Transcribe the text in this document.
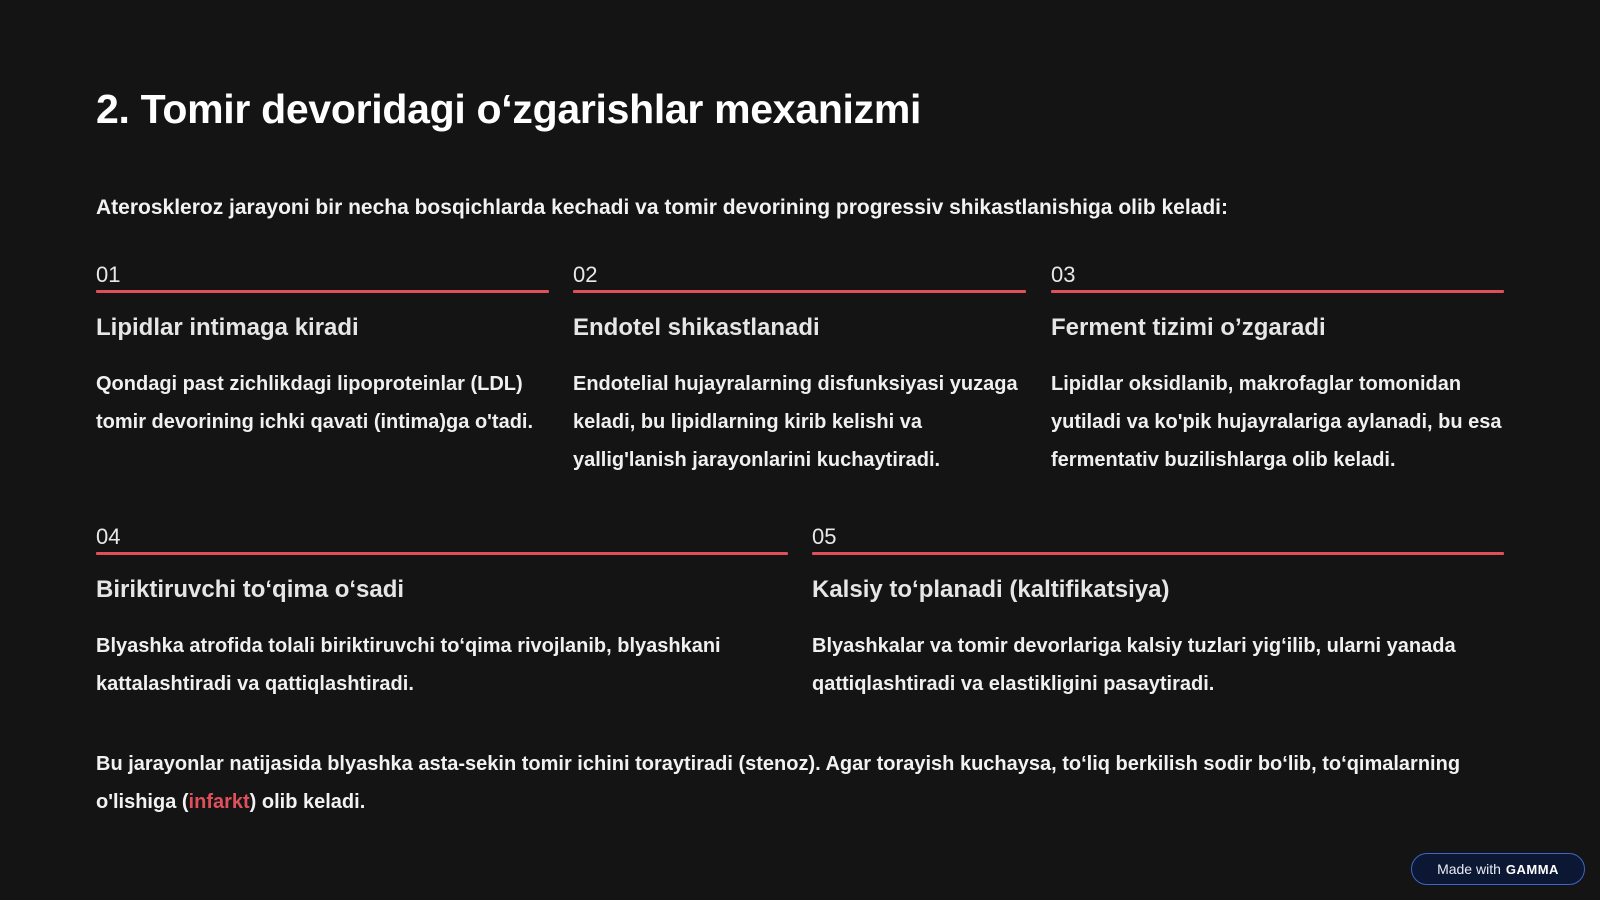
2. Tomir devoridagi o‘zgarishlar mexanizmi

Ateroskleroz jarayoni bir necha bosqichlarda kechadi va tomir devorining progressiv shikastlanishiga olib keladi:

01
Lipidlar intimaga kiradi

Qondagi past zichlikdagi lipoproteinlar (LDL) tomir devorining ichki qavati (intima)ga o'tadi.

02
Endotel shikastlanadi

Endotelial hujayralarning disfunksiyasi yuzaga keladi, bu lipidlarning kirib kelishi va yallig'lanish jarayonlarini kuchaytiradi.

03
Ferment tizimi o’zgaradi

Lipidlar oksidlanib, makrofaglar tomonidan yutiladi va ko'pik hujayralariga aylanadi, bu esa fermentativ buzilishlarga olib keladi.

04
Biriktiruvchi to‘qima o‘sadi

Blyashka atrofida tolali biriktiruvchi to‘qima rivojlanib, blyashkani kattalashtiradi va qattiqlashtiradi.

05
Kalsiy to‘planadi (kaltifikatsiya)

Blyashkalar va tomir devorlariga kalsiy tuzlari yig‘ilib, ularni yanada qattiqlashtiradi va elastikligini pasaytiradi.

Bu jarayonlar natijasida blyashka asta-sekin tomir ichini toraytiradi (stenoz). Agar torayish kuchaysa, to‘liq berkilish sodir bo‘lib, to‘qimalarning o'lishiga (infarkt) olib keladi.

Made with GAMMA
